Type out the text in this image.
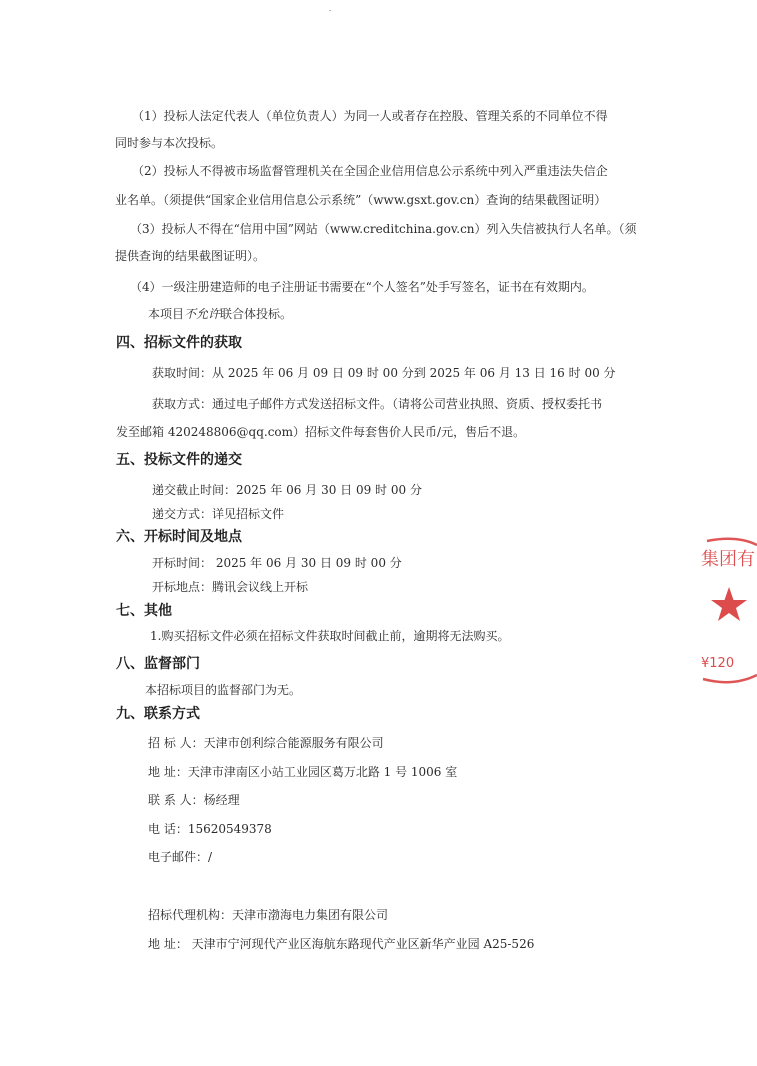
（1）投标人法定代表人（单位负责人）为同一人或者存在控股、管理关系的不同单位不得
同时参与本次投标。
（2）投标人不得被市场监督管理机关在全国企业信用信息公示系统中列入严重违法失信企
业名单。（须提供“国家企业信用信息公示系统”（www.gsxt.gov.cn）查询的结果截图证明）
（3）投标人不得在“信用中国”网站（www.creditchina.gov.cn）列入失信被执行人名单。（须
提供查询的结果截图证明）。
（4）一级注册建造师的电子注册证书需要在“个人签名”处手写签名，证书在有效期内。
本项目不允许联合体投标。
四、招标文件的获取
获取时间：从 2025 年 06 月 09 日 09 时 00 分到 2025 年 06 月 13 日 16 时 00 分
获取方式：通过电子邮件方式发送招标文件。（请将公司营业执照、资质、授权委托书
发至邮箱 420248806@qq.com）招标文件每套售价人民币/元，售后不退。
五、投标文件的递交
递交截止时间：2025 年 06 月 30 日 09 时 00 分
递交方式：详见招标文件
六、开标时间及地点
开标时间： 2025 年 06 月 30 日 09 时 00 分
开标地点：腾讯会议线上开标
七、其他
1.购买招标文件必须在招标文件获取时间截止前，逾期将无法购买。
八、监督部门
本招标项目的监督部门为无。
九、联系方式
招 标 人：天津市创利综合能源服务有限公司
地 址：天津市津南区小站工业园区葛万北路 1 号 1006 室
联 系 人：杨经理
电 话：15620549378
电子邮件：/
招标代理机构：天津市渤海电力集团有限公司
地 址： 天津市宁河现代产业区海航东路现代产业区新华产业园 A25-526
集团有
¥120
